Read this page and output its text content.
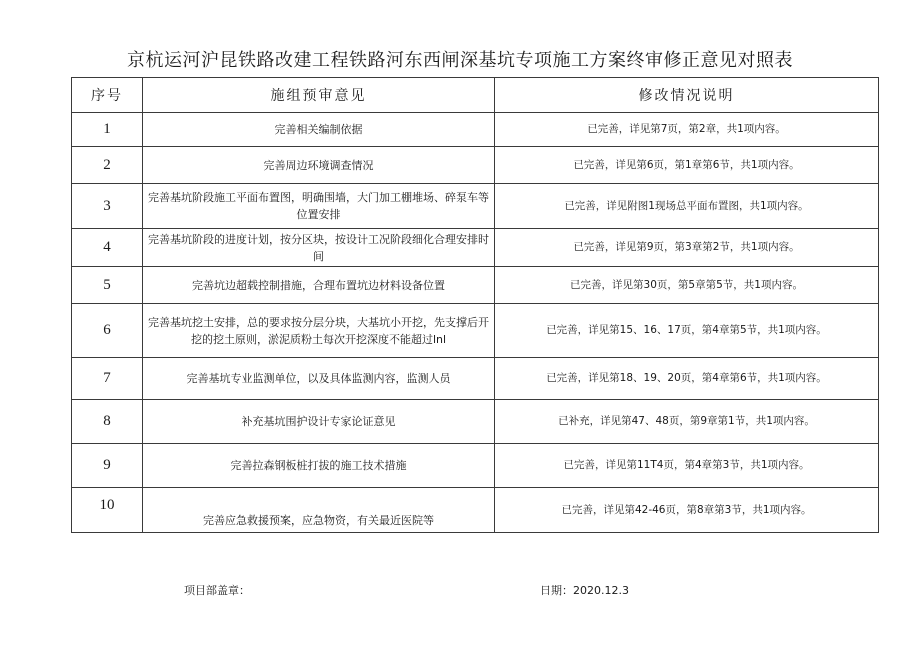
京杭运河沪昆铁路改建工程铁路河东西闸深基坑专项施工方案终审修正意见对照表
序号	施组预审意见	修改情况说明
1	完善相关编制依据	已完善，详见第7页，第2章，共1项内容。
2	完善周边环境调查情况	已完善，详见第6页，第1章第6节，共1项内容。
3	完善基坑阶段施工平面布置图，明确围墙，大门加工棚堆场、碎泵车等位置安排	已完善，详见附图1现场总平面布置图，共1项内容。
4	完善基坑阶段的进度计划，按分区块，按设计工况阶段细化合理安排时间	已完善，详见第9页，第3章第2节，共1项内容。
5	完善坑边超载控制措施，合理布置坑边材料设备位置	已完善，详见第30页，第5章第5节，共1项内容。
6	完善基坑挖土安排，总的要求按分层分块，大基坑小开挖，先支撑后开挖的挖土原则，淤泥质粉土每次开挖深度不能超过lnl	已完善，详见第15、16、17页，第4章第5节，共1项内容。
7	完善基坑专业监测单位，以及具体监测内容，监测人员	已完善，详见第18、19、20页，第4章第6节，共1项内容。
8	补充基坑围护设计专家论证意见	已补充，详见第47、48页，第9章第1节，共1项内容。
9	完善拉森钢板桩打拔的施工技术措施	已完善，详见第11T4页，第4章第3节，共1项内容。
10	完善应急救援预案，应急物资，有关最近医院等	已完善，详见第42-46页，第8章第3节，共1项内容。
项目部盖章：	日期：2020.12.3
